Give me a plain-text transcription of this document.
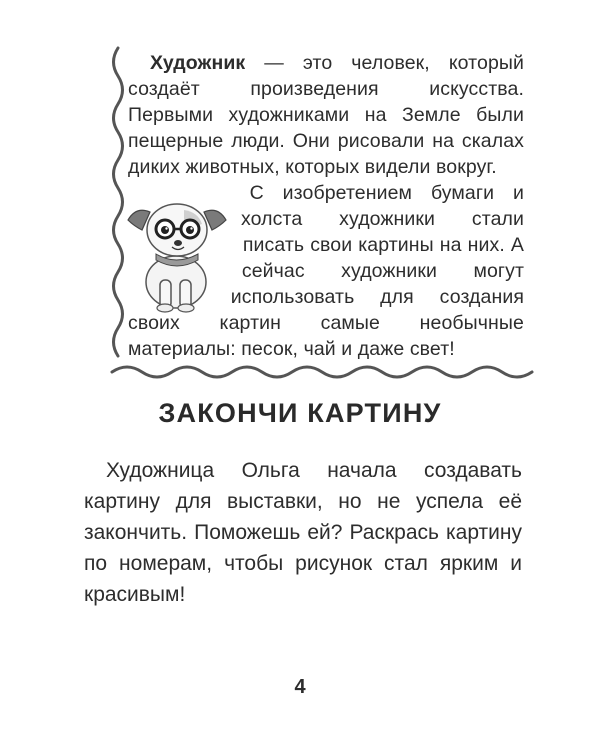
Художник — это человек, который создаёт произведения искусства. Первыми художниками на Земле были пещерные люди. Они рисовали на скалах диких животных, которых видели вокруг.

С изобретением бумаги и холста художники стали писать свои картины на них. А сейчас художники могут использовать для создания своих картин самые необычные материалы: песок, чай и даже свет!

ЗАКОНЧИ КАРТИНУ

Художница Ольга начала создавать картину для выставки, но не успела её закончить. Поможешь ей? Раскрась картину по номерам, чтобы рисунок стал ярким и красивым!

4
